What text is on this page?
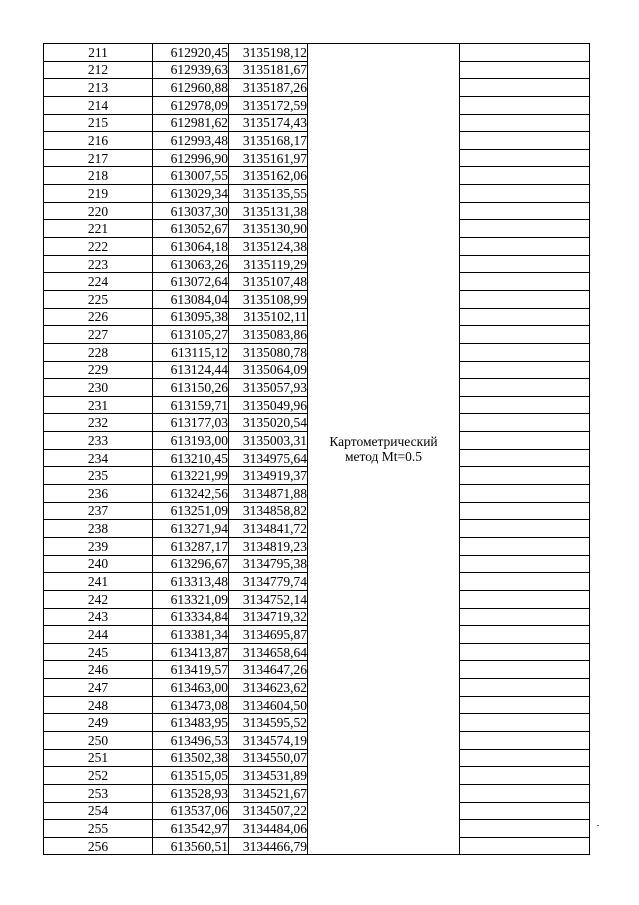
211	612920,45	3135198,12	Картометрический
метод Mt=0.5	
212	612939,63	3135181,67		
213	612960,88	3135187,26		
214	612978,09	3135172,59		
215	612981,62	3135174,43		
216	612993,48	3135168,17		
217	612996,90	3135161,97		
218	613007,55	3135162,06		
219	613029,34	3135135,55		
220	613037,30	3135131,38		
221	613052,67	3135130,90		
222	613064,18	3135124,38		
223	613063,26	3135119,29		
224	613072,64	3135107,48		
225	613084,04	3135108,99		
226	613095,38	3135102,11		
227	613105,27	3135083,86		
228	613115,12	3135080,78		
229	613124,44	3135064,09		
230	613150,26	3135057,93		
231	613159,71	3135049,96		
232	613177,03	3135020,54		
233	613193,00	3135003,31		
234	613210,45	3134975,64		
235	613221,99	3134919,37		
236	613242,56	3134871,88		
237	613251,09	3134858,82		
238	613271,94	3134841,72		
239	613287,17	3134819,23		
240	613296,67	3134795,38		
241	613313,48	3134779,74		
242	613321,09	3134752,14		
243	613334,84	3134719,32		
244	613381,34	3134695,87		
245	613413,87	3134658,64		
246	613419,57	3134647,26		
247	613463,00	3134623,62		
248	613473,08	3134604,50		
249	613483,95	3134595,52		
250	613496,53	3134574,19		
251	613502,38	3134550,07		
252	613515,05	3134531,89		
253	613528,93	3134521,67		
254	613537,06	3134507,22		
255	613542,97	3134484,06		
256	613560,51	3134466,79		
